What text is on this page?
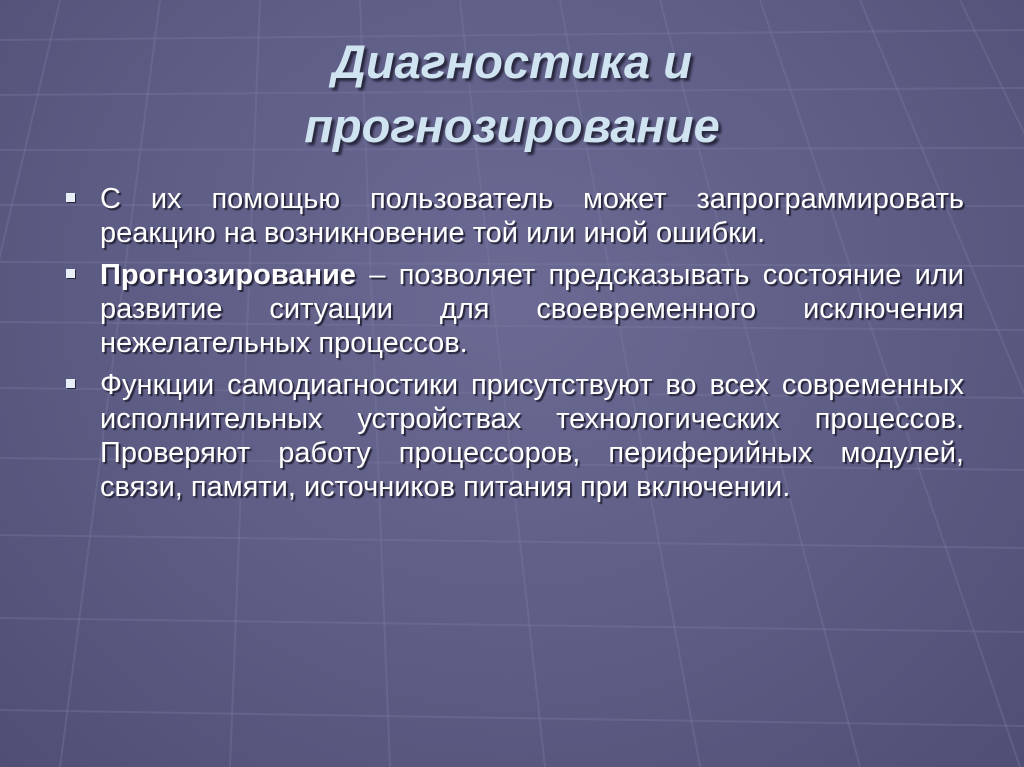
Диагностика и
прогнозирование
С их помощью пользователь может запрограммировать реакцию на возникновение той или иной ошибки.
Прогнозирование – позволяет предсказывать состояние или развитие ситуации для своевременного исключения нежелательных процессов.
Функции самодиагностики присутствуют во всех современных исполнительных устройствах технологических процессов. Проверяют работу процессоров, периферийных модулей, связи, памяти, источников питания при включении.
